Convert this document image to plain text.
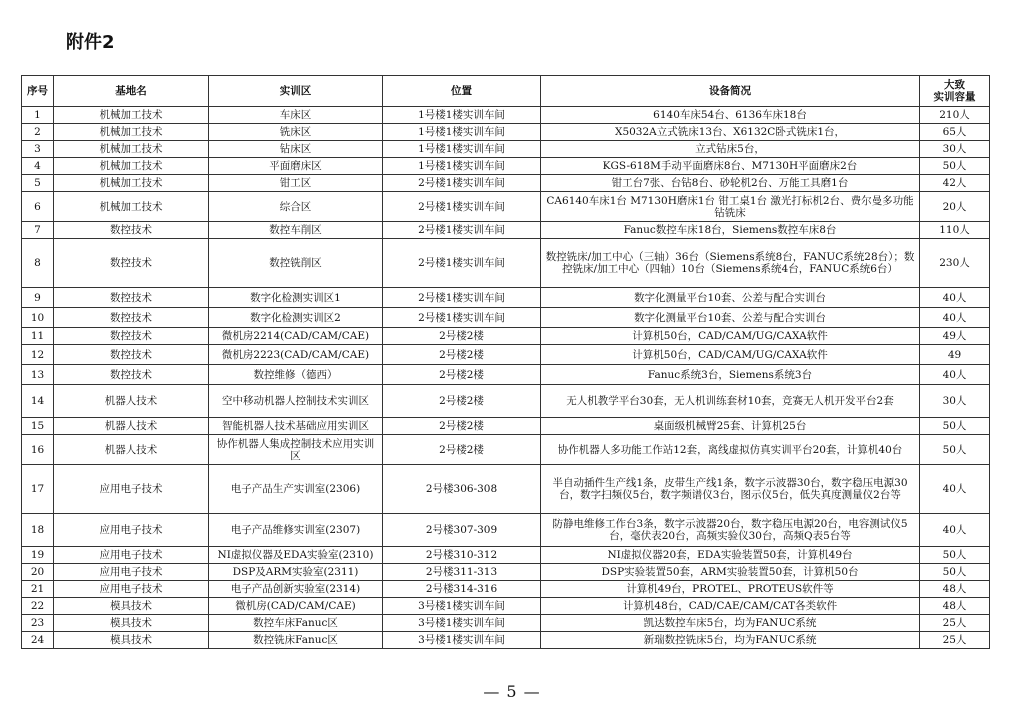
附件2
序号	基地名	实训区	位置	设备简况	大致
实训容量
1	机械加工技术	车床区	1号楼1楼实训车间	6140车床54台、6136车床18台	210人
2	机械加工技术	铣床区	1号楼1楼实训车间	X5032A立式铣床13台、X6132C卧式铣床1台，	65人
3	机械加工技术	钻床区	1号楼1楼实训车间	立式钻床5台，	30人
4	机械加工技术	平面磨床区	1号楼1楼实训车间	KGS-618M手动平面磨床8台、M7130H平面磨床2台	50人
5	机械加工技术	钳工区	2号楼1楼实训车间	钳工台7张、台钻8台、砂轮机2台、万能工具磨1台	42人
6	机械加工技术	综合区	2号楼1楼实训车间	CA6140车床1台 M7130H磨床1台 钳工桌1台 激光打标机2台、费尔曼多功能钻铣床	20人
7	数控技术	数控车削区	2号楼1楼实训车间	Fanuc数控车床18台，Siemens数控车床8台	110人
8	数控技术	数控铣削区	2号楼1楼实训车间	数控铣床/加工中心（三轴）36台（Siemens系统8台，FANUC系统28台）；数控铣床/加工中心（四轴）10台（Siemens系统4台，FANUC系统6台）	230人
9	数控技术	数字化检测实训区1	2号楼1楼实训车间	数字化测量平台10套、公差与配合实训台	40人
10	数控技术	数字化检测实训区2	2号楼1楼实训车间	数字化测量平台10套、公差与配合实训台	40人
11	数控技术	微机房2214(CAD/CAM/CAE)	2号楼2楼	计算机50台，CAD/CAM/UG/CAXA软件	49人
12	数控技术	微机房2223(CAD/CAM/CAE)	2号楼2楼	计算机50台，CAD/CAM/UG/CAXA软件	49
13	数控技术	数控维修（德西）	2号楼2楼	Fanuc系统3台，Siemens系统3台	40人
14	机器人技术	空中移动机器人控制技术实训区	2号楼2楼	无人机教学平台30套，无人机训练套材10套，竞赛无人机开发平台2套	30人
15	机器人技术	智能机器人技术基础应用实训区	2号楼2楼	桌面级机械臂25套、计算机25台	50人
16	机器人技术	协作机器人集成控制技术应用实训区	2号楼2楼	协作机器人多功能工作站12套，离线虚拟仿真实训平台20套，计算机40台	50人
17	应用电子技术	电子产品生产实训室(2306)	2号楼306-308	半自动插件生产线1条，皮带生产线1条，数字示波器30台，数字稳压电源30台，数字扫频仪5台，数字频谱仪3台，图示仪5台，低失真度测量仪2台等	40人
18	应用电子技术	电子产品维修实训室(2307)	2号楼307-309	防静电维修工作台3条，数字示波器20台，数字稳压电源20台，电容测试仪5台，毫伏表20台，高频实验仪30台，高频Q表5台等	40人
19	应用电子技术	NI虚拟仪器及EDA实验室(2310)	2号楼310-312	NI虚拟仪器20套，EDA实验装置50套，计算机49台	50人
20	应用电子技术	DSP及ARM实验室(2311)	2号楼311-313	DSP实验装置50套，ARM实验装置50套，计算机50台	50人
21	应用电子技术	电子产品创新实验室(2314)	2号楼314-316	计算机49台，PROTEL、PROTEUS软件等	48人
22	模具技术	微机房(CAD/CAM/CAE)	3号楼1楼实训车间	计算机48台，CAD/CAE/CAM/CAT各类软件	48人
23	模具技术	数控车床Fanuc区	3号楼1楼实训车间	凯达数控车床5台，均为FANUC系统	25人
24	模具技术	数控铣床Fanuc区	3号楼1楼实训车间	新瑞数控铣床5台，均为FANUC系统	25人
— 5 —
